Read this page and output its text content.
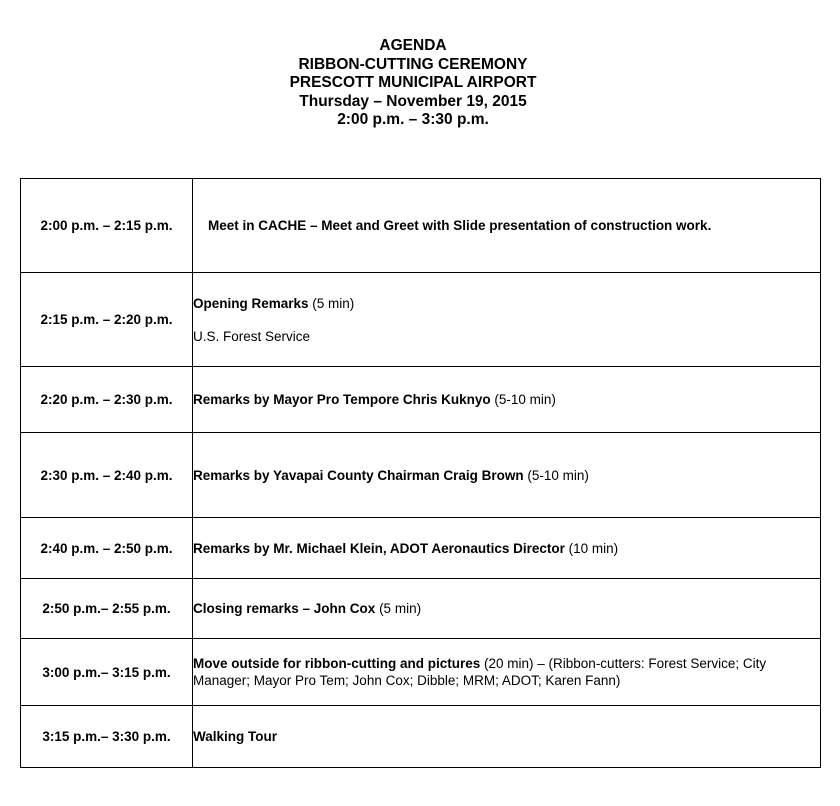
AGENDA
RIBBON-CUTTING CEREMONY
PRESCOTT MUNICIPAL AIRPORT
Thursday – November 19, 2015
2:00 p.m. – 3:30 p.m.
2:00 p.m. – 2:15 p.m.	Meet in CACHE – Meet and Greet with Slide presentation of construction work.
2:15 p.m. – 2:20 p.m.	Opening Remarks (5 min)
U.S. Forest Service

2:20 p.m. – 2:30 p.m.	Remarks by Mayor Pro Tempore Chris Kuknyo (5-10 min)
2:30 p.m. – 2:40 p.m.	Remarks by Yavapai County Chairman Craig Brown (5-10 min)
2:40 p.m. – 2:50 p.m.	Remarks by Mr. Michael Klein, ADOT Aeronautics Director (10 min)
2:50 p.m.– 2:55 p.m.	Closing remarks – John Cox (5 min)
3:00 p.m.– 3:15 p.m.	Move outside for ribbon-cutting and pictures (20 min) – (Ribbon-cutters: Forest Service; City Manager; Mayor Pro Tem; John Cox; Dibble; MRM; ADOT; Karen Fann)
3:15 p.m.– 3:30 p.m.	Walking Tour
